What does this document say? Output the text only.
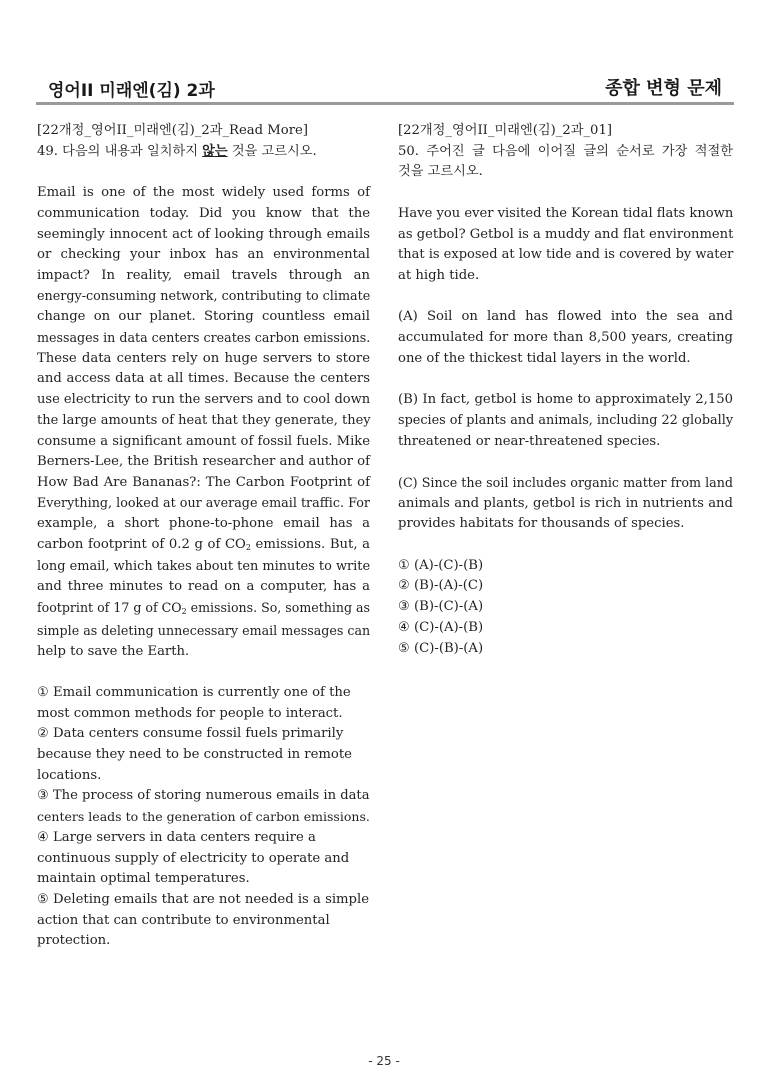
영어II 미래엔(김) 2과	종합 변형 문제
[22개정_영어II_미래엔(김)_2과_Read More]
49. 다음의 내용과 일치하지 않는 것을 고르시오.
Email is one of the most widely used forms of
communication today. Did you know that the
seemingly innocent act of looking through emails
or checking your inbox has an environmental
impact? In reality, email travels through an
energy-consuming network, contributing to climate
change on our planet. Storing countless email
messages in data centers creates carbon emissions.
These data centers rely on huge servers to store
and access data at all times. Because the centers
use electricity to run the servers and to cool down
the large amounts of heat that they generate, they
consume a significant amount of fossil fuels. Mike
Berners-Lee, the British researcher and author of
How Bad Are Bananas?: The Carbon Footprint of
Everything, looked at our average email traffic. For
example, a short phone-to-phone email has a
carbon footprint of 0.2 g of $CO_2$ emissions. But, a
long email, which takes about ten minutes to write
and three minutes to read on a computer, has a
footprint of 17 g of $CO_2$ emissions. So, something as
simple as deleting unnecessary email messages can
help to save the Earth.
① Email communication is currently one of the
most common methods for people to interact.
② Data centers consume fossil fuels primarily
because they need to be constructed in remote
locations.
③ The process of storing numerous emails in data
centers leads to the generation of carbon emissions.
④ Large servers in data centers require a
continuous supply of electricity to operate and
maintain optimal temperatures.
⑤ Deleting emails that are not needed is a simple
action that can contribute to environmental
protection.
[22개정_영어II_미래엔(김)_2과_01]
50. 주어진 글 다음에 이어질 글의 순서로 가장 적절한
것을 고르시오.
Have you ever visited the Korean tidal flats known
as getbol? Getbol is a muddy and flat environment
that is exposed at low tide and is covered by water
at high tide.
(A) Soil on land has flowed into the sea and
accumulated for more than 8,500 years, creating
one of the thickest tidal layers in the world.
(B) In fact, getbol is home to approximately 2,150
species of plants and animals, including 22 globally
threatened or near-threatened species.
(C) Since the soil includes organic matter from land
animals and plants, getbol is rich in nutrients and
provides habitats for thousands of species.
① (A)-(C)-(B)
② (B)-(A)-(C)
③ (B)-(C)-(A)
④ (C)-(A)-(B)
⑤ (C)-(B)-(A)
- 25 -
